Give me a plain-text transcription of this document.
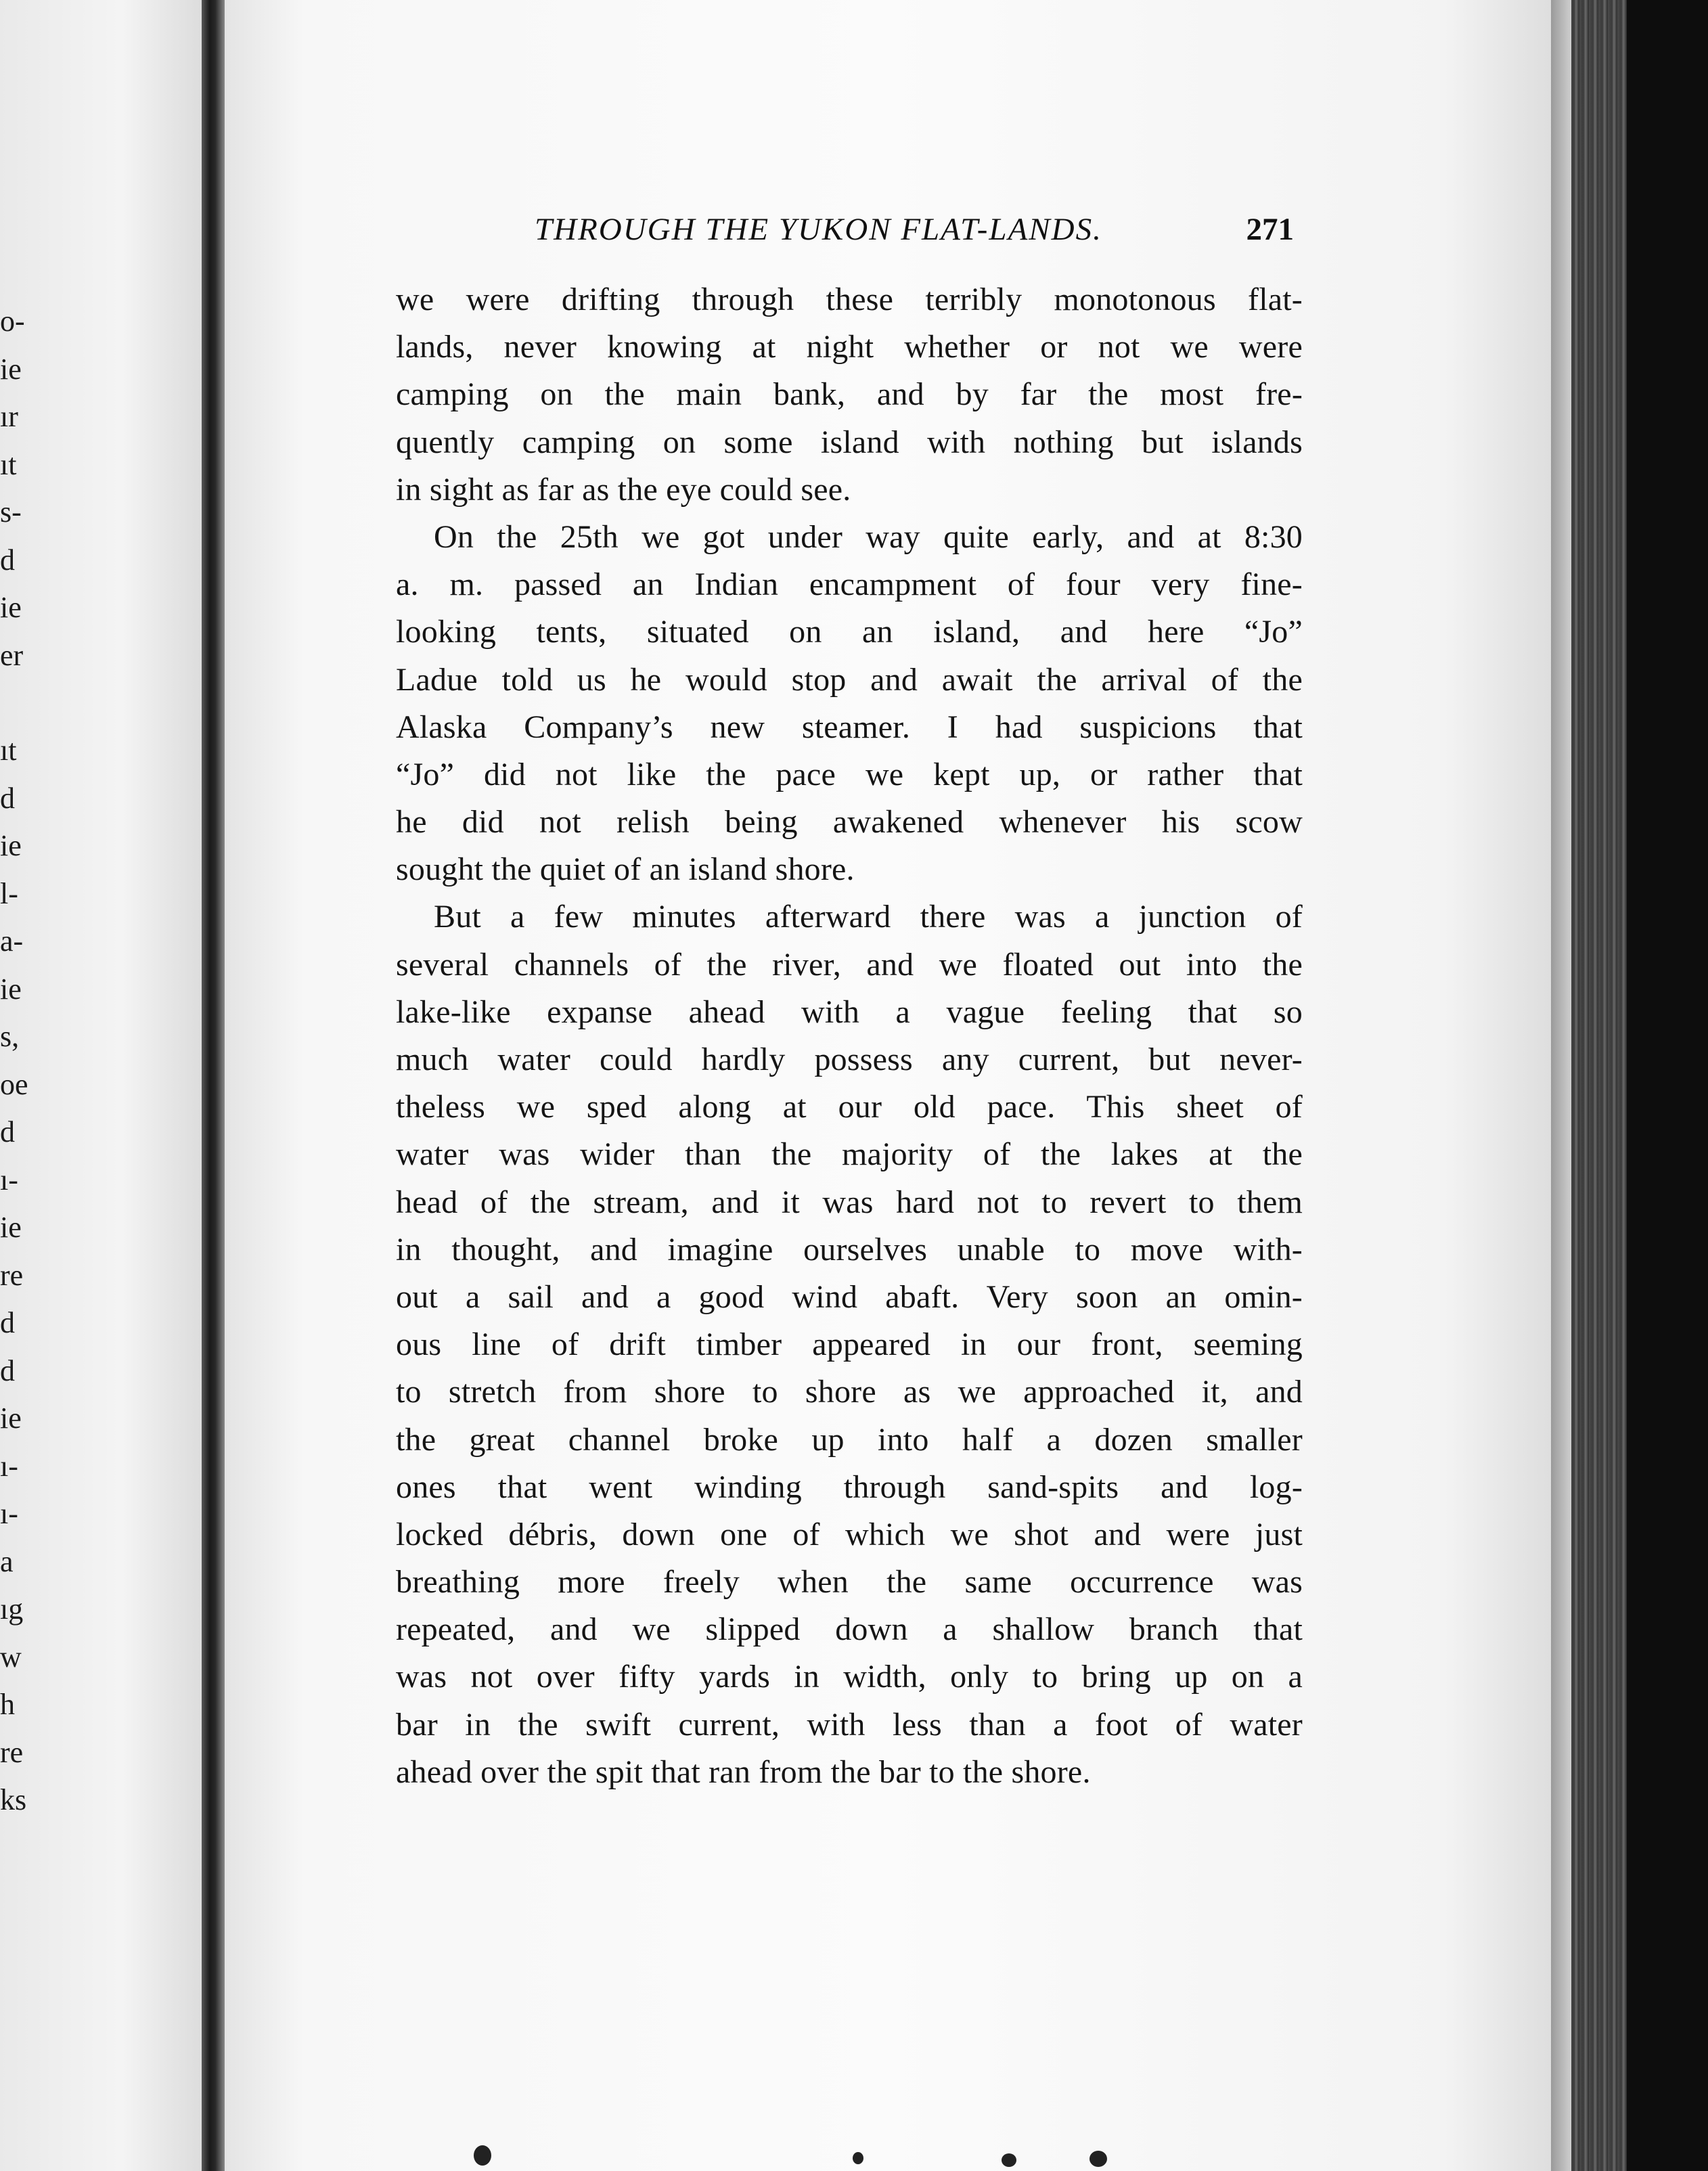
o-
ie
ır
ıt
s-
d
ie
er
ıt
d
ie
l-
a-
ie
s,
oe
d
ı-
ie
re
d
d
ie
ı-
ı-
a
ıg
w
h
re
ks
THROUGH THE YUKON FLAT-LANDS.	271
we were drifting through these terribly monotonous flat-
lands, never knowing at night whether or not we were
camping on the main bank, and by far the most fre-
quently camping on some island with nothing but islands
in sight as far as the eye could see.
On the 25th we got under way quite early, and at 8:30
a. m. passed an Indian encampment of four very fine-
looking tents, situated on an island, and here “Jo”
Ladue told us he would stop and await the arrival of the
Alaska Company’s new steamer. I had suspicions that
“Jo” did not like the pace we kept up, or rather that
he did not relish being awakened whenever his scow
sought the quiet of an island shore.
But a few minutes afterward there was a junction of
several channels of the river, and we floated out into the
lake-like expanse ahead with a vague feeling that so
much water could hardly possess any current, but never-
theless we sped along at our old pace. This sheet of
water was wider than the majority of the lakes at the
head of the stream, and it was hard not to revert to them
in thought, and imagine ourselves unable to move with-
out a sail and a good wind abaft. Very soon an omin-
ous line of drift timber appeared in our front, seeming
to stretch from shore to shore as we approached it, and
the great channel broke up into half a dozen smaller
ones that went winding through sand-spits and log-
locked débris, down one of which we shot and were just
breathing more freely when the same occurrence was
repeated, and we slipped down a shallow branch that
was not over fifty yards in width, only to bring up on a
bar in the swift current, with less than a foot of water
ahead over the spit that ran from the bar to the shore.
